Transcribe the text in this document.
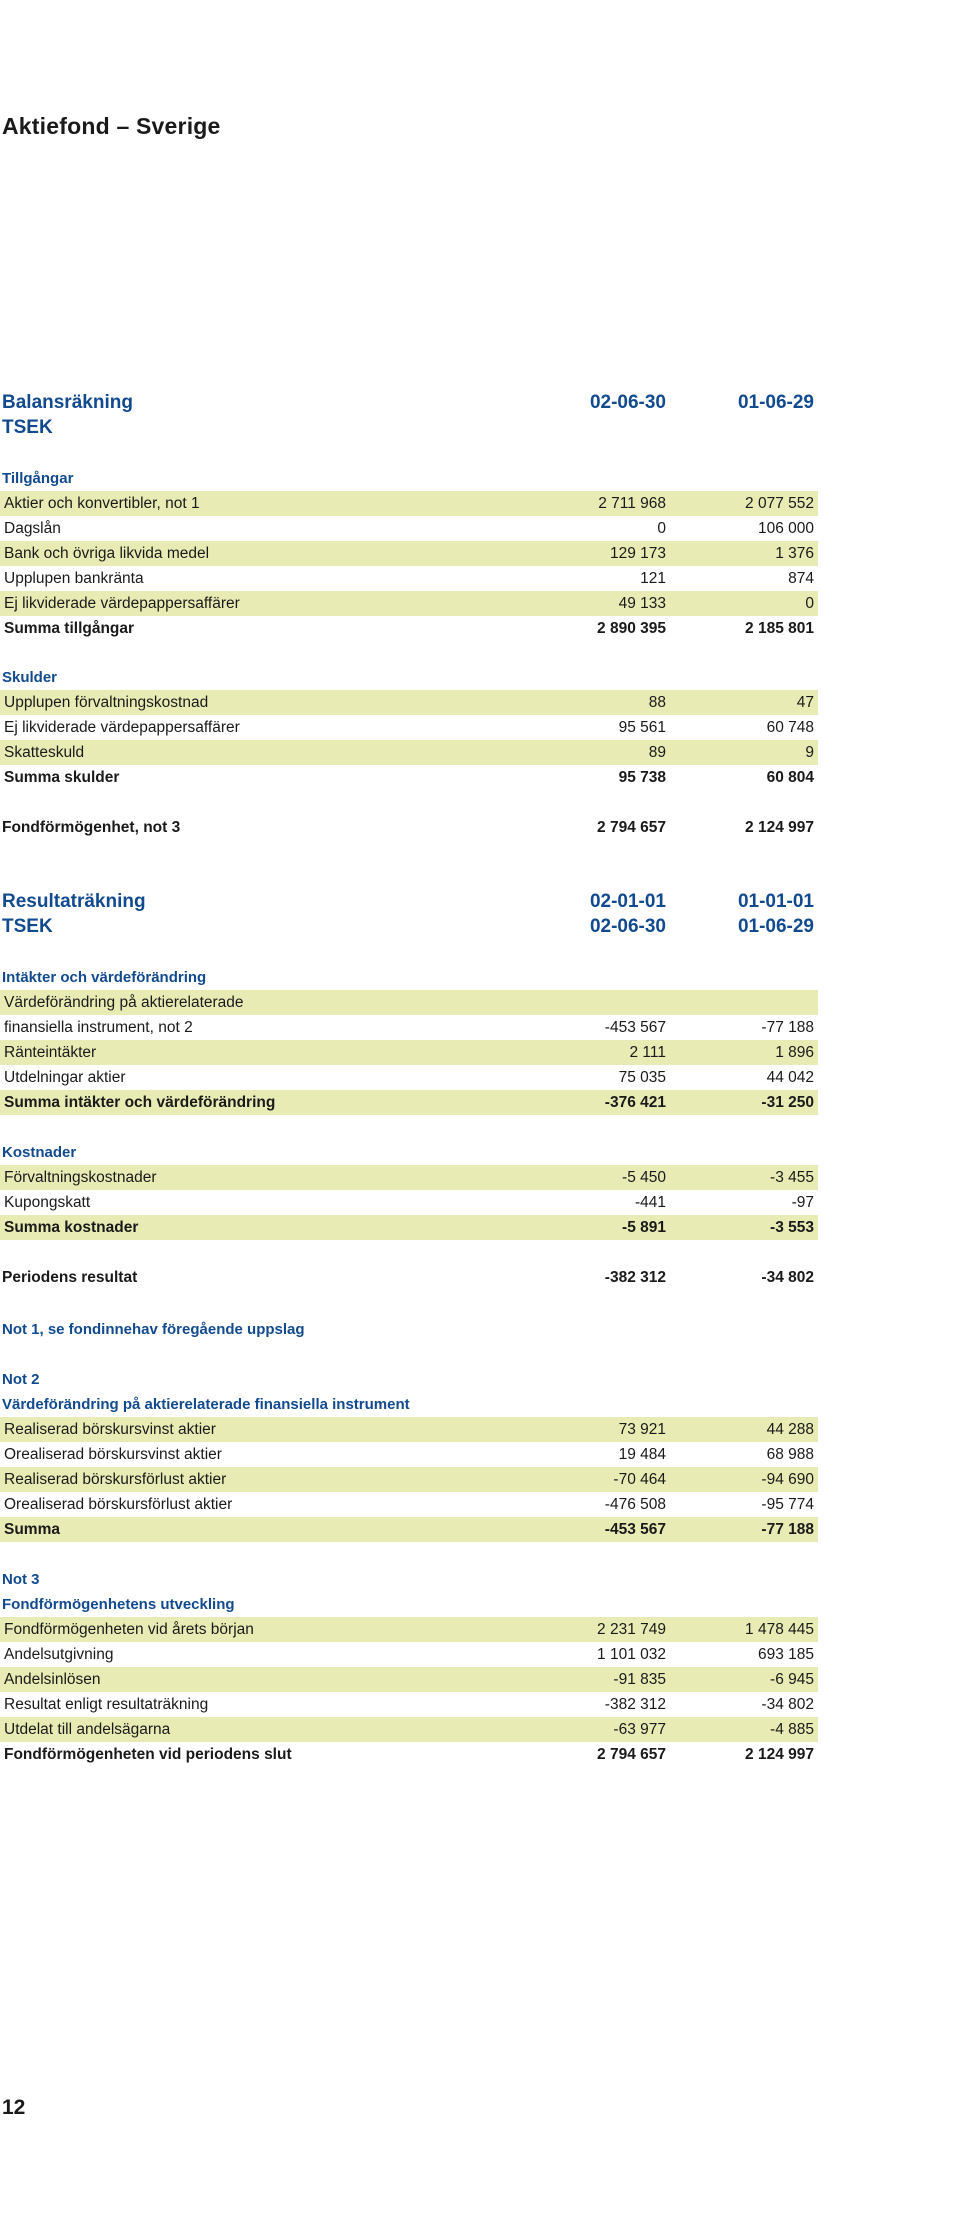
Aktiefond – Sverige
Balansräkning	02-06-30	01-06-29
TSEK
Tillgångar
Aktier och konvertibler, not 1	2 711 968	2 077 552
Dagslån	0	106 000
Bank och övriga likvida medel	129 173	1 376
Upplupen bankränta	121	874
Ej likviderade värdepappersaffärer	49 133	0
Summa tillgångar	2 890 395	2 185 801
Skulder
Upplupen förvaltningskostnad	88	47
Ej likviderade värdepappersaffärer	95 561	60 748
Skatteskuld	89	9
Summa skulder	95 738	60 804
Fondförmögenhet, not 3	2 794 657	2 124 997
Resultaträkning	02-01-01	01-01-01
TSEK	02-06-30	01-06-29
Intäkter och värdeförändring
Värdeförändring på aktierelaterade
finansiella instrument, not 2	-453 567	-77 188
Ränteintäkter	2 111	1 896
Utdelningar aktier	75 035	44 042
Summa intäkter och värdeförändring	-376 421	-31 250
Kostnader
Förvaltningskostnader	-5 450	-3 455
Kupongskatt	-441	-97
Summa kostnader	-5 891	-3 553
Periodens resultat	-382 312	-34 802
Not 1, se fondinnehav föregående uppslag
Not 2
Värdeförändring på aktierelaterade finansiella instrument
Realiserad börskursvinst aktier	73 921	44 288
Orealiserad börskursvinst aktier	19 484	68 988
Realiserad börskursförlust aktier	-70 464	-94 690
Orealiserad börskursförlust aktier	-476 508	-95 774
Summa	-453 567	-77 188
Not 3
Fondförmögenhetens utveckling
Fondförmögenheten vid årets början	2 231 749	1 478 445
Andelsutgivning	1 101 032	693 185
Andelsinlösen	-91 835	-6 945
Resultat enligt resultaträkning	-382 312	-34 802
Utdelat till andelsägarna	-63 977	-4 885
Fondförmögenheten vid periodens slut	2 794 657	2 124 997
12
